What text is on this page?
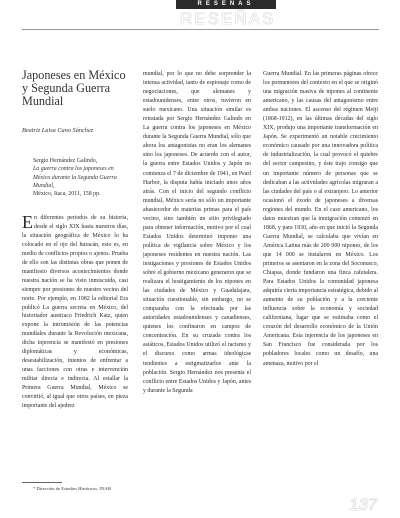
RESEÑAS
RESEÑAS
Japoneses en México y Segunda Guerra Mundial
Beatriz Luisa Cano Sánchez
Sergio Hernández Galindo,
La guerra contra los japoneses en México durante la Segunda Guerra Mundial,
México, Itaca, 2011, 158 pp.
En diferentes periodos de su historia, desde el siglo XIX hasta nuestros días, la situación geográfica de México lo ha colocado en el ojo del huracán, esto es, en medio de conflictos propios o ajenos. Prueba de ello son las distintas obras que ponen de manifiesto diversos acontecimientos donde nuestra nación se ha visto inmiscuida, casi siempre por presiones de nuestro vecino del norte. Por ejemplo, en 1982 la editorial Era publicó La guerra secreta en México, del historiador austriaco Friedrich Katz, quien expone la intromisión de las potencias mundiales durante la Revolución mexicana, dicha injerencia se manifestó en presiones diplomáticas y económicas, desestabilización, intentos de enfrentar a unas facciones con otras e intervención militar directa e indirecta. Al estallar la Primera Guerra Mundial, México se convirtió, al igual que otros países, en pieza importante del ajedrez
mundial, por lo que no debe sorprender la intensa actividad, tanto de espionaje como de negociaciones, que alemanes y estadounidenses, entre otros, tuvieron en suelo mexicano. Una situación similar es retratada por Sergio Hernández Galindo en La guerra contra los japoneses en México durante la Segunda Guerra Mundial, sólo que ahora los antagonistas no eran los alemanes sino los japoneses. De acuerdo con el autor, la guerra entre Estados Unidos y Japón no comienza el 7 de diciembre de 1941, en Pearl Harbor, la disputa había iniciado unos años atrás. Con el inicio del segundo conflicto mundial, México sería no sólo un importante abastecedor de materias primas para el país vecino, sino también un sitio privilegiado para obtener información, motivo por el cual Estados Unidos determinó imponer una política de vigilancia sobre México y los japoneses residentes en nuestra nación. Las instigaciones y presiones de Estados Unidos sobre el gobierno mexicano generaron que se realizara el hostigamiento de los nipones en las ciudades de México y Guadalajara, situación cuestionable, sin embargo, no se comparaba con la efectuada por las autoridades estadounidenses y canadienses, quienes los confinaron en campos de concentración. En su cruzada contra los asiáticos, Estados Unidos utilizó el racismo y el discurso como armas ideológicas tendientes a estigmatizarlos ante la población. Sergio Hernández nos presenta el conflicto entre Estados Unidos y Japón, antes y durante la Segunda
Guerra Mundial. En las primeras páginas ofrece los pormenores del contexto en el que se originó una migración masiva de nipones al continente americano, y las causas del antagonismo entre ambas naciones. El ascenso del régimen Meiji (1868-1912), en las últimas décadas del siglo XIX, produjo una importante transformación en Japón. Se experimentó un notable crecimiento económico causado por una innovadora política de industrialización, la cual provocó el quiebre del sector campesino, y éste trajo consigo que un importante número de personas que se dedicaban a las actividades agrícolas migraran a las ciudades del país o al extranjero. Lo anterior ocasionó el éxodo de japoneses a diversas regiones del mundo. En el caso americano, los datos muestran que la inmigración comenzó en 1868, y para 1930, año en que inició la Segunda Guerra Mundial, se calculaba que vivían en América Latina más de 200 000 nipones, de los que 14 000 se instalaron en México. Los primeros se asentaron en la zona del Soconusco, Chiapas, donde fundaron una finca cafetalera. Para Estados Unidos la comunidad japonesa adquiría cierta importancia estratégica, debido al aumento de su población y a la creciente influencia sobre la economía y sociedad californiana, lugar que se estimaba como el corazón del desarrollo económico de la Unión Americana. Esta injerencia de los japoneses en San Francisco fue considerada por los pobladores locales como un desafío, una amenaza, motivo por el
* Dirección de Estudios Históricos, INAH.
137
